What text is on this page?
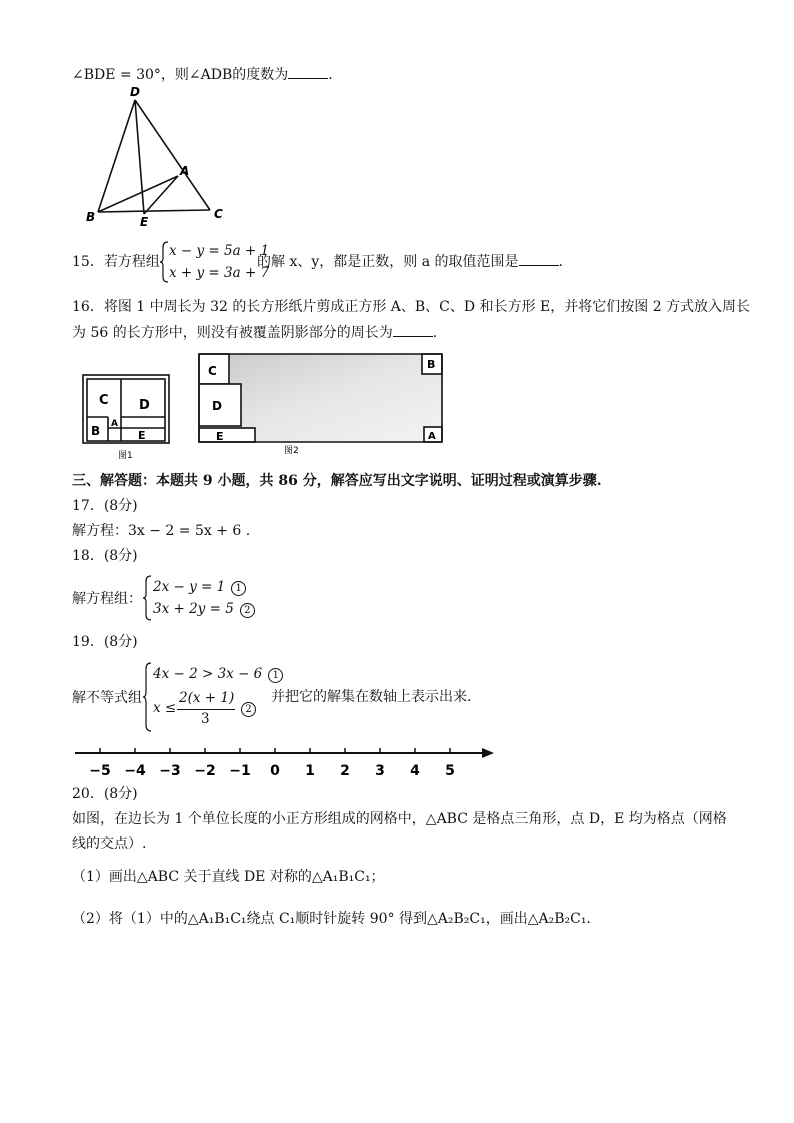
∠BDE = 30°，则∠ADB的度数为	.
D
A
B	E
C
15．若方程组
x − y = 5a + 1
x + y = 3a + 7
的解 x、y，都是正数，则 a 的取值范围是	.
16．将图 1 中周长为 32 的长方形纸片剪成正方形 A、B、C、D 和长方形 E，并将它们按图 2 方式放入周长
为 56 的长方形中，则没有被覆盖阴影部分的周长为	.
C D
B A
E
图1
C
D
E
B
A
图2
三、解答题：本题共 9 小题，共 86 分，解答应写出文字说明、证明过程或演算步骤.
17．(8分)
解方程：3x − 2 = 5x + 6 .
18．(8分)
解方程组：
2x − y = 1 1
3x + 2y = 5 2
19．(8分)
解不等式组
4x − 2 > 3x − 6 1
x ≤
2(x + 1)
3
2
并把它的解集在数轴上表示出来.
−5 −4 −3 −2 −1 0 1 2 3 4 5
20．(8分)
如图，在边长为 1 个单位长度的小正方形组成的网格中，△ABC 是格点三角形，点 D，E 均为格点（网格
线的交点）.
（1）画出△ABC 关于直线 DE 对称的△A₁B₁C₁；
（2）将（1）中的△A₁B₁C₁绕点 C₁顺时针旋转 90° 得到△A₂B₂C₁，画出△A₂B₂C₁.
